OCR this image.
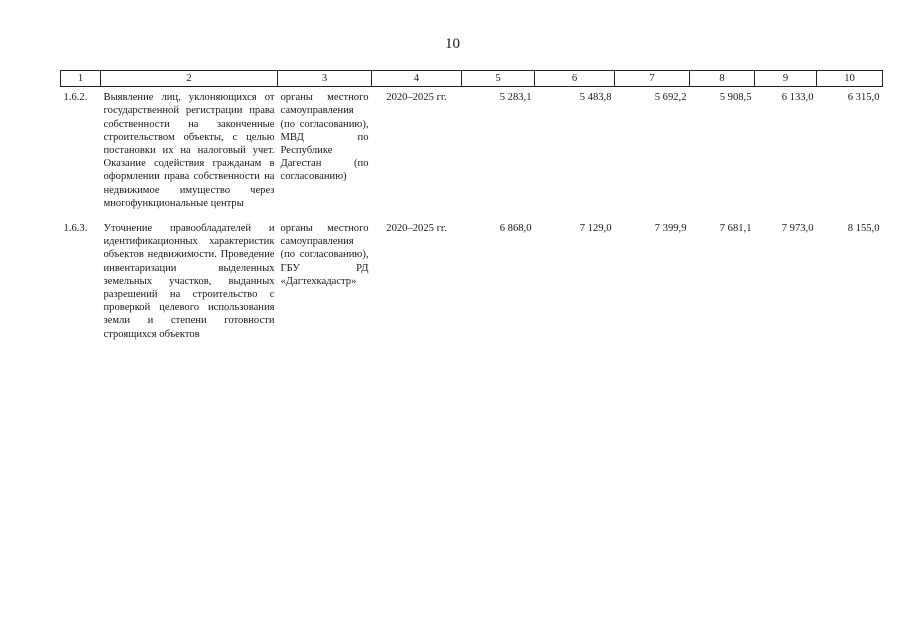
10
1	2	3	4	5	6	7	8	9	10
1.6.2.	Выявление лиц, уклоняющихся от государственной регистрации права собственности на законченные строительством объекты, с целью постановки их на налоговый учет. Оказание содействия гражданам в оформлении права собственности на недвижимое имущество через многофункциональные центры	органы местного самоуправления (по согласованию), МВД по Республике Дагестан (по согласованию)	2020–2025 гг.	5 283,1	5 483,8	5 692,2	5 908,5	6 133,0	6 315,0

1.6.3.	Уточнение правообладателей и идентификационных характеристик объектов недвижимости. Проведение инвентаризации выделенных земельных участков, выданных разрешений на строительство с проверкой целевого использования земли и степени готовности строящихся объектов	органы местного самоуправления (по согласованию), ГБУ РД «Дагтехкадастр»	2020–2025 гг.	6 868,0	7 129,0	7 399,9	7 681,1	7 973,0	8 155,0
